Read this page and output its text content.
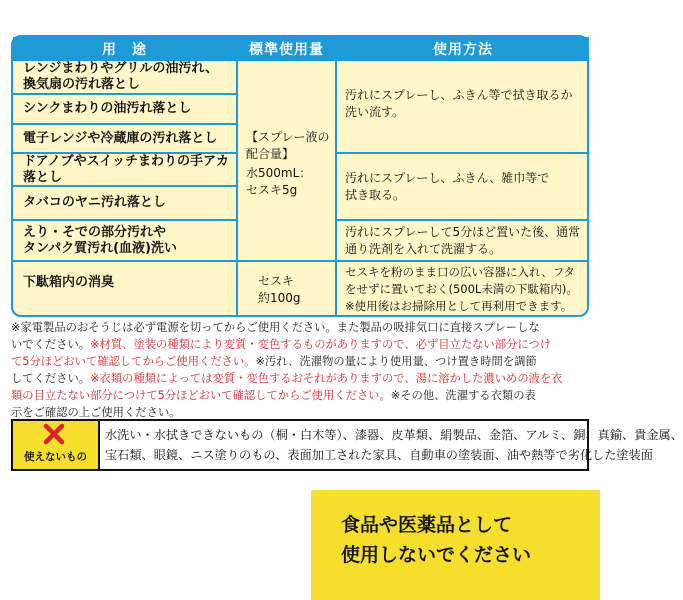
用　途	標準使用量	使用方法
レンジまわりやグリルの油汚れ、
換気扇の汚れ落とし
シンクまわりの油汚れ落とし
電子レンジや冷蔵庫の汚れ落とし
ドアノブやスイッチまわりの手アカ落とし
タバコのヤニ汚れ落とし
えり・そでの部分汚れや
タンパク質汚れ(血液)洗い
下駄箱内の消臭
【スプレー液の
配合量】
水500mL：
セスキ5g
セスキ
約100g
汚れにスプレーし、ふきん等で拭き取るか
洗い流す。
汚れにスプレーし、ふきん、雑巾等で
拭き取る。
汚れにスプレーして5分ほど置いた後、通常
通り洗剤を入れて洗濯する。
セスキを粉のまま口の広い容器に入れ、フタ
をせずに置いておく(500L未満の下駄箱内)。
※使用後はお掃除用として再利用できます。
※家電製品のおそうじは必ず電源を切ってからご使用ください。また製品の吸排気口に直接スプレーしな
いでください。※材質、塗装の種類により変質・変色するものがありますので、必ず目立たない部分につけ
て5分ほどおいて確認してからご使用ください。※汚れ、洗濯物の量により使用量、つけ置き時間を調節
してください。※衣類の種類によっては変質・変色するおそれがありますので、湯に溶かした濃いめの液を衣
類の目立たない部分につけて5分ほどおいて確認してからご使用ください。※その他、洗濯する衣類の表
示をご確認の上ご使用ください。
使えないもの
水洗い・水拭きできないもの（桐・白木等）、漆器、皮革類、絹製品、金箔、アルミ、銅、真鍮、貴金属、
宝石類、眼鏡、ニス塗りのもの、表面加工された家具、自動車の塗装面、油や熱等で劣化した塗装面
食品や医薬品として
使用しないでください
